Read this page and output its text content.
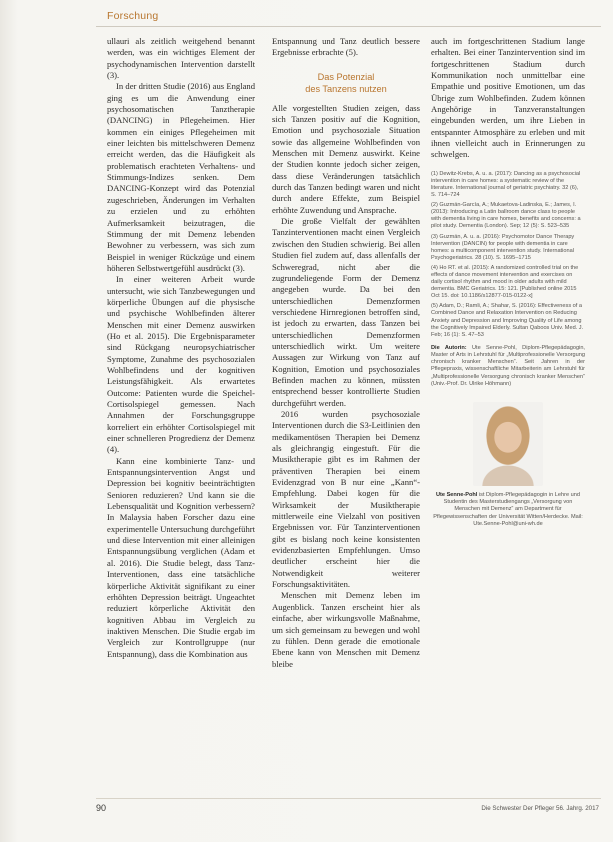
Forschung

ullauri als zeitlich weitgehend benannt werden, was ein wichtiges Element der psychodynamischen Intervention darstellt (3).

In der dritten Studie (2016) aus England ging es um die Anwendung einer psychosomatischen Tanztherapie (DANCING) in Pflegeheimen. Hier kommen ein einiges Pflegeheimen mit einer leichten bis mittelschweren Demenz erreicht werden, das die Häufigkeit als problematisch erachteten Verhaltens- und Stimmungs-Indizes senken. Dem DANCING-Konzept wird das Potenzial zugeschrieben, Änderungen im Verhalten zu erzielen und zu erhöhten Aufmerksamkeit beizutragen, die Stimmung der mit Demenz lebenden Bewohner zu verbessern, was sich zum Beispiel in weniger Rückzüge und einem höheren Selbstwertgefühl ausdrückt (3).

In einer weiteren Arbeit wurde untersucht, wie sich Tanzbewegungen und körperliche Übungen auf die physische und psychische Wohlbefinden älterer Menschen mit einer Demenz auswirken (Ho et al. 2015). Die Ergebnisparameter sind Rückgang neuropsychiatrischer Symptome, Zunahme des psychosozialen Wohlbefindens und der kognitiven Leistungsfähigkeit. Als erwartetes Outcome: Patienten wurde die Speichel-Cortisolspiegel gemessen. Nach Annahmen der Forschungsgruppe korreliert ein erhöhter Cortisolspiegel mit einer schnelleren Progredienz der Demenz (4).

Kann eine kombinierte Tanz- und Entspannungsintervention Angst und Depression bei kognitiv beeinträchtigten Senioren reduzieren? Und kann sie die Lebensqualität und Kognition verbessern? In Malaysia haben Forscher dazu eine experimentelle Untersuchung durchgeführt und diese Intervention mit einer alleinigen Entspannungsübung verglichen (Adam et al. 2016). Die Studie belegt, dass Tanz-Interventionen, dass eine tatsächliche körperliche Aktivität signifikant zu einer erhöhten Depression beiträgt. Ungeachtet reduziert körperliche Aktivität den kognitiven Abbau im Vergleich zu inaktiven Menschen. Die Studie ergab im Vergleich zur Kontrollgruppe (nur Entspannung), dass die Kombination aus

Entspannung und Tanz deutlich bessere Ergebnisse erbrachte (5).

Das Potenzial
des Tanzens nutzen

Alle vorgestellten Studien zeigen, dass sich Tanzen positiv auf die Kognition, Emotion und psychosoziale Situation sowie das allgemeine Wohlbefinden von Menschen mit Demenz auswirkt. Keine der Studien konnte jedoch sicher zeigen, dass diese Veränderungen tatsächlich durch das Tanzen bedingt waren und nicht durch andere Effekte, zum Beispiel erhöhte Zuwendung und Ansprache.

Die große Vielfalt der gewählten Tanzinterventionen macht einen Vergleich zwischen den Studien schwierig. Bei allen Studien fiel zudem auf, dass allenfalls der Schweregrad, nicht aber die zugrundeliegende Form der Demenz angegeben wurde. Da bei den unterschiedlichen Demenzformen verschiedene Hirnregionen betroffen sind, ist jedoch zu erwarten, dass Tanzen bei unterschiedlichen Demenzformen unterschiedlich wirkt. Um weitere Aussagen zur Wirkung von Tanz auf Kognition, Emotion und psychosoziales Befinden machen zu können, müssten entsprechend besser kontrollierte Studien durchgeführt werden.

2016 wurden psychosoziale Interventionen durch die S3-Leitlinien den medikamentösen Therapien bei Demenz als gleichrangig eingestuft. Für die Musiktherapie gibt es im Rahmen der präventiven Therapien bei einem Evidenzgrad von B nur eine „Kann“-Empfehlung. Dabei kogen für die Wirksamkeit der Musiktherapie mittlerweile eine Vielzahl von positiven Ergebnissen vor. Für Tanzinterventionen gibt es bislang noch keine konsistenten evidenzbasierten Empfehlungen. Umso deutlicher erscheint hier die Notwendigkeit weiterer Forschungsaktivitäten.

Menschen mit Demenz leben im Augenblick. Tanzen erscheint hier als einfache, aber wirkungsvolle Maßnahme, um sich gemeinsam zu bewegen und wohl zu fühlen. Denn gerade die emotionale Ebene kann von Menschen mit Demenz bleibe

auch im fortgeschrittenen Stadium lange erhalten. Bei einer Tanzintervention sind im fortgeschrittenen Stadium durch Kommunikation noch unmittelbar eine Empathie und positive Emotionen, um das Übrige zum Wohlbefinden. Zudem können Angehörige in Tanzveranstaltungen eingebunden werden, um ihre Lieben in entspannter Atmosphäre zu erleben und mit ihnen vielleicht auch in Erinnerungen zu schwelgen.

(1) Dewitz-Krebs, A. u. a. (2017): Dancing as a psychosocial intervention in care homes: a systematic review of the literature. International journal of geriatric psychiatry. 32 (6), S. 714–724
(2) Guzmán-García, A.; Mukaetova-Ladinska, E.; James, I. (2013): Introducing a Latin ballroom dance class to people with dementia living in care homes, benefits and concerns: a pilot study. Dementia (London). Sep; 12 (5): S. 523–535
(3) Guzmán, A. u. a. (2016): Psychomotor Dance Therapy Intervention (DANCIN) for people with dementia in care homes: a multicomponent intervention study. International Psychogeriatrics. 28 (10). S. 1695–1715
(4) Ho RT. et al. (2015): A randomized controlled trial on the effects of dance movement intervention and exercises on daily cortisol rhythm and mood in older adults with mild dementia. BMC Geriatrics. 15: 121. [Published online 2015 Oct 15. doi: 10.1186/s12877-015-0122-x]
(5) Adam, D.; Ramli, A.; Shahar, S. (2016): Effectiveness of a Combined Dance and Relaxation Intervention on Reducing Anxiety and Depression and Improving Quality of Life among the Cognitively Impaired Elderly. Sultan Qaboos Univ. Med. J. Feb; 16 (1): S. 47–53
Die Autorin: Ute Senne-Pohl, Diplom-Pflegepädagogin, Master of Arts in Lehrstuhl für „Multiprofessionelle Versorgung chronisch kranker Menschen“. Seit Jahren in der Pflegepraxis, wissenschaftliche Mitarbeiterin am Lehrstuhl für „Multiprofessionelle Versorgung chronisch kranker Menschen“ (Univ.-Prof. Dr. Ulrike Höhmann)
Ute Senne-Pohl ist Diplom-Pflegepädagogin in Lehre und Studentin des Masterstudiengangs „Versorgung von Menschen mit Demenz“ am Department für Pflegewissenschaften der Universität Witten/Herdecke. Mail: Ute.Senne-Pohl@uni-wh.de
90	Die Schwester Der Pfleger 56. Jahrg. 2017
